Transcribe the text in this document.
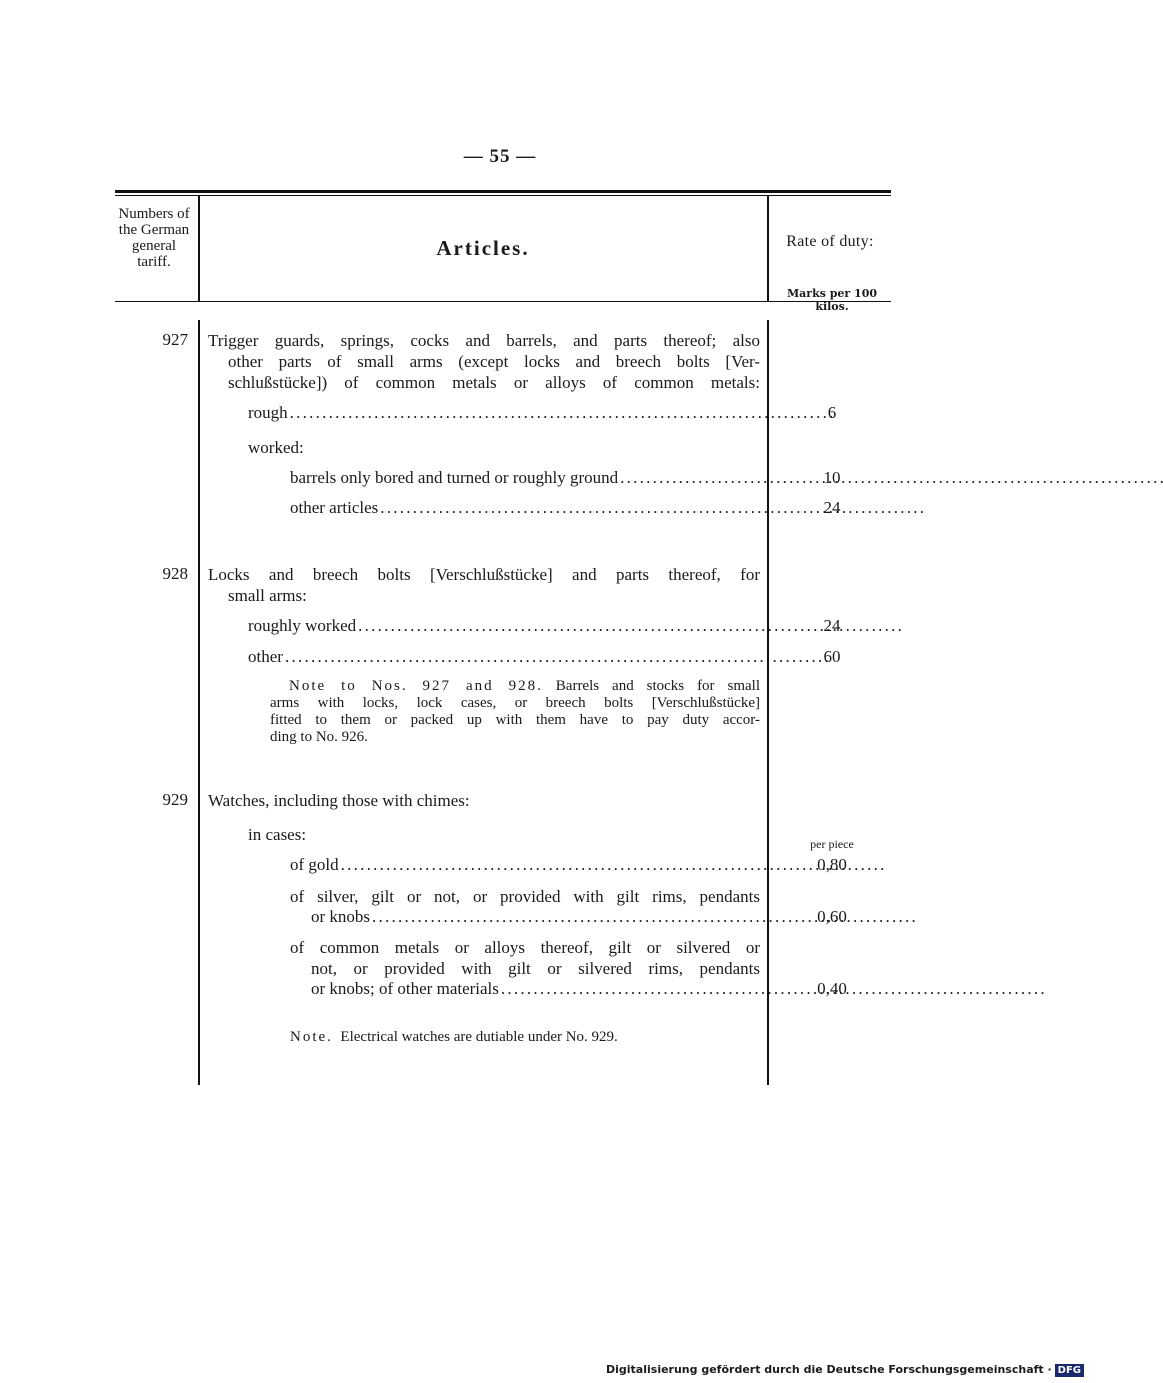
— 55 —
Numbers of the German general tariff.
Articles.	Rate of duty:
Marks per 100 kilos.
927 Trigger guards, springs, cocks and barrels, and parts thereof; also
other parts of small arms (except locks and breech bolts [Ver-
schlußstücke]) of common metals or alloys of common metals:
rough . . .	6
worked:
barrels only bored and turned or roughly ground . . .	10
other articles . . .	24
928 Locks and breech bolts [Verschlußstücke] and parts thereof, for
small arms:
roughly worked . . .	24
other . . .	60
Note to Nos. 927 and 928. Barrels and stocks for small
arms with locks, lock cases, or breech bolts [Verschlußstücke]
fitted to them or packed up with them have to pay duty accor-
ding to No. 926.
929 Watches, including those with chimes:
in cases:	per piece
of gold . . .	0,80
of silver, gilt or not, or provided with gilt rims, pendants
or knobs . . .	0,60
of common metals or alloys thereof, gilt or silvered or
not, or provided with gilt or silvered rims, pendants
or knobs; of other materials . . .	0,40
Note. Electrical watches are dutiable under No. 929.
Digitalisierung gefördert durch die Deutsche Forschungsgemeinschaft · DFG
